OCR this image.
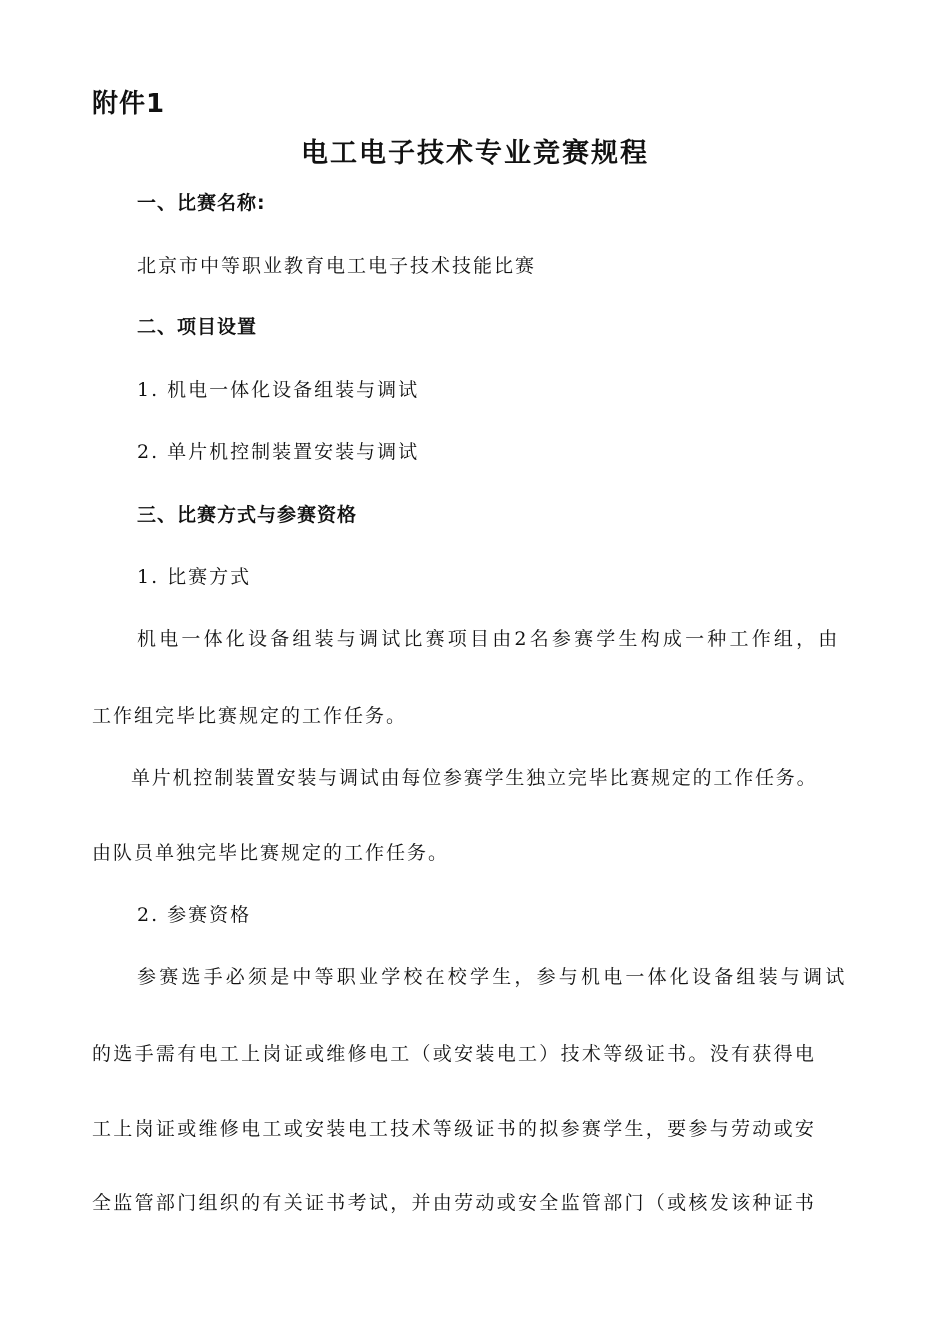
附件1
电工电子技术专业竞赛规程
一、比赛名称:
北京市中等职业教育电工电子技术技能比赛
二、项目设置
1. 机电一体化设备组装与调试
2. 单片机控制装置安装与调试
三、比赛方式与参赛资格
1. 比赛方式
机电一体化设备组装与调试比赛项目由2名参赛学生构成一种工作组，由
工作组完毕比赛规定的工作任务。
单片机控制装置安装与调试由每位参赛学生独立完毕比赛规定的工作任务。
由队员单独完毕比赛规定的工作任务。
2. 参赛资格
参赛选手必须是中等职业学校在校学生，参与机电一体化设备组装与调试
的选手需有电工上岗证或维修电工（或安装电工）技术等级证书。没有获得电
工上岗证或维修电工或安装电工技术等级证书的拟参赛学生，要参与劳动或安
全监管部门组织的有关证书考试，并由劳动或安全监管部门（或核发该种证书
